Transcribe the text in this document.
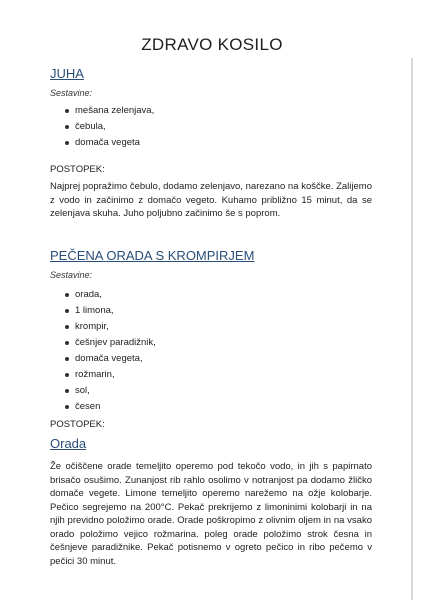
ZDRAVO KOSILO
JUHA
Sestavine:
mešana zelenjava,
čebula,
domača vegeta
POSTOPEK:
Najprej popražimo čebulo, dodamo zelenjavo, narezano na koščke. Zalijemo z vodo in začinimo z domačo vegeto. Kuhamo približno 15 minut, da se zelenjava skuha. Juho poljubno začinimo še s poprom.
PEČENA ORADA S KROMPIRJEM
Sestavine:
orada,
1 limona,
krompir,
češnjev paradižnik,
domača vegeta,
rožmarin,
sol,
česen
POSTOPEK:
Orada
Že očiščene orade temeljito operemo pod tekočo vodo, in jih s papirnato brisačo osušimo. Zunanjost rib rahlo osolimo v notranjost pa dodamo žličko domače vegete. Limone temeljito operemo narežemo na ožje kolobarje. Pečico segrejemo na 200°C. Pekač prekrijemo z limoninimi kolobarji in na njih previdno položimo orade. Orade poškropimo z olivnim oljem in na vsako orado položimo vejico rožmarina. poleg orade položimo strok česna in češnjeve paradižnike. Pekač potisnemo v ogreto pečico in ribo pečemo v pečici 30 minut.
